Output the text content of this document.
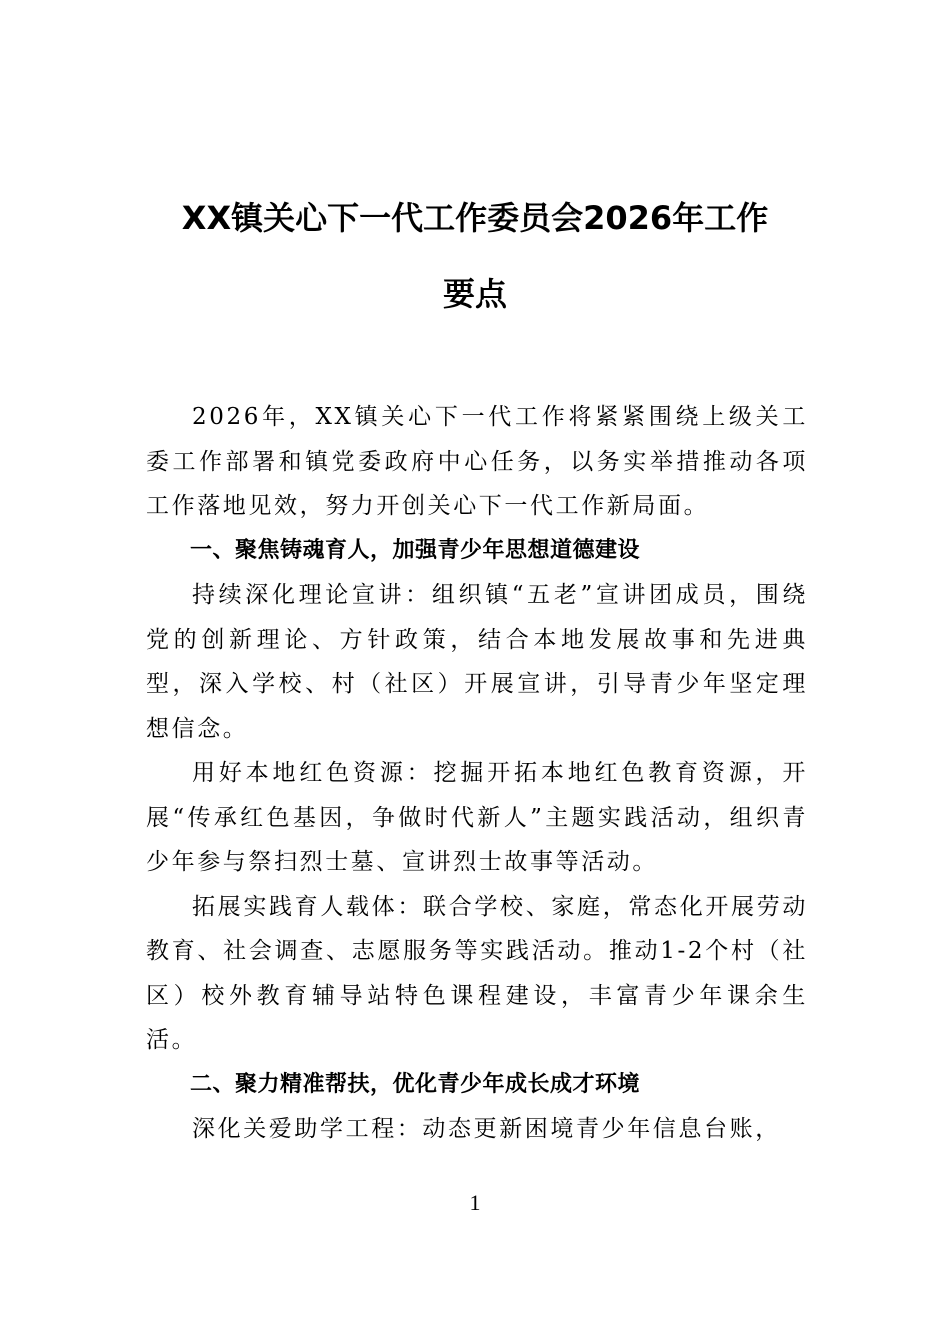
XX镇关心下一代工作委员会2026年工作
要点

2026年，XX镇关心下一代工作将紧紧围绕上级关工委工作部署和镇党委政府中心任务，以务实举措推动各项工作落地见效，努力开创关心下一代工作新局面。

一、聚焦铸魂育人，加强青少年思想道德建设

持续深化理论宣讲：组织镇“五老”宣讲团成员，围绕党的创新理论、方针政策，结合本地发展故事和先进典型，深入学校、村（社区）开展宣讲，引导青少年坚定理想信念。

用好本地红色资源：挖掘开拓本地红色教育资源，开展“传承红色基因，争做时代新人”主题实践活动，组织青少年参与祭扫烈士墓、宣讲烈士故事等活动。

拓展实践育人载体：联合学校、家庭，常态化开展劳动教育、社会调查、志愿服务等实践活动。推动1-2个村（社区）校外教育辅导站特色课程建设，丰富青少年课余生活。

二、聚力精准帮扶，优化青少年成长成才环境

深化关爱助学工程：动态更新困境青少年信息台账，

1
